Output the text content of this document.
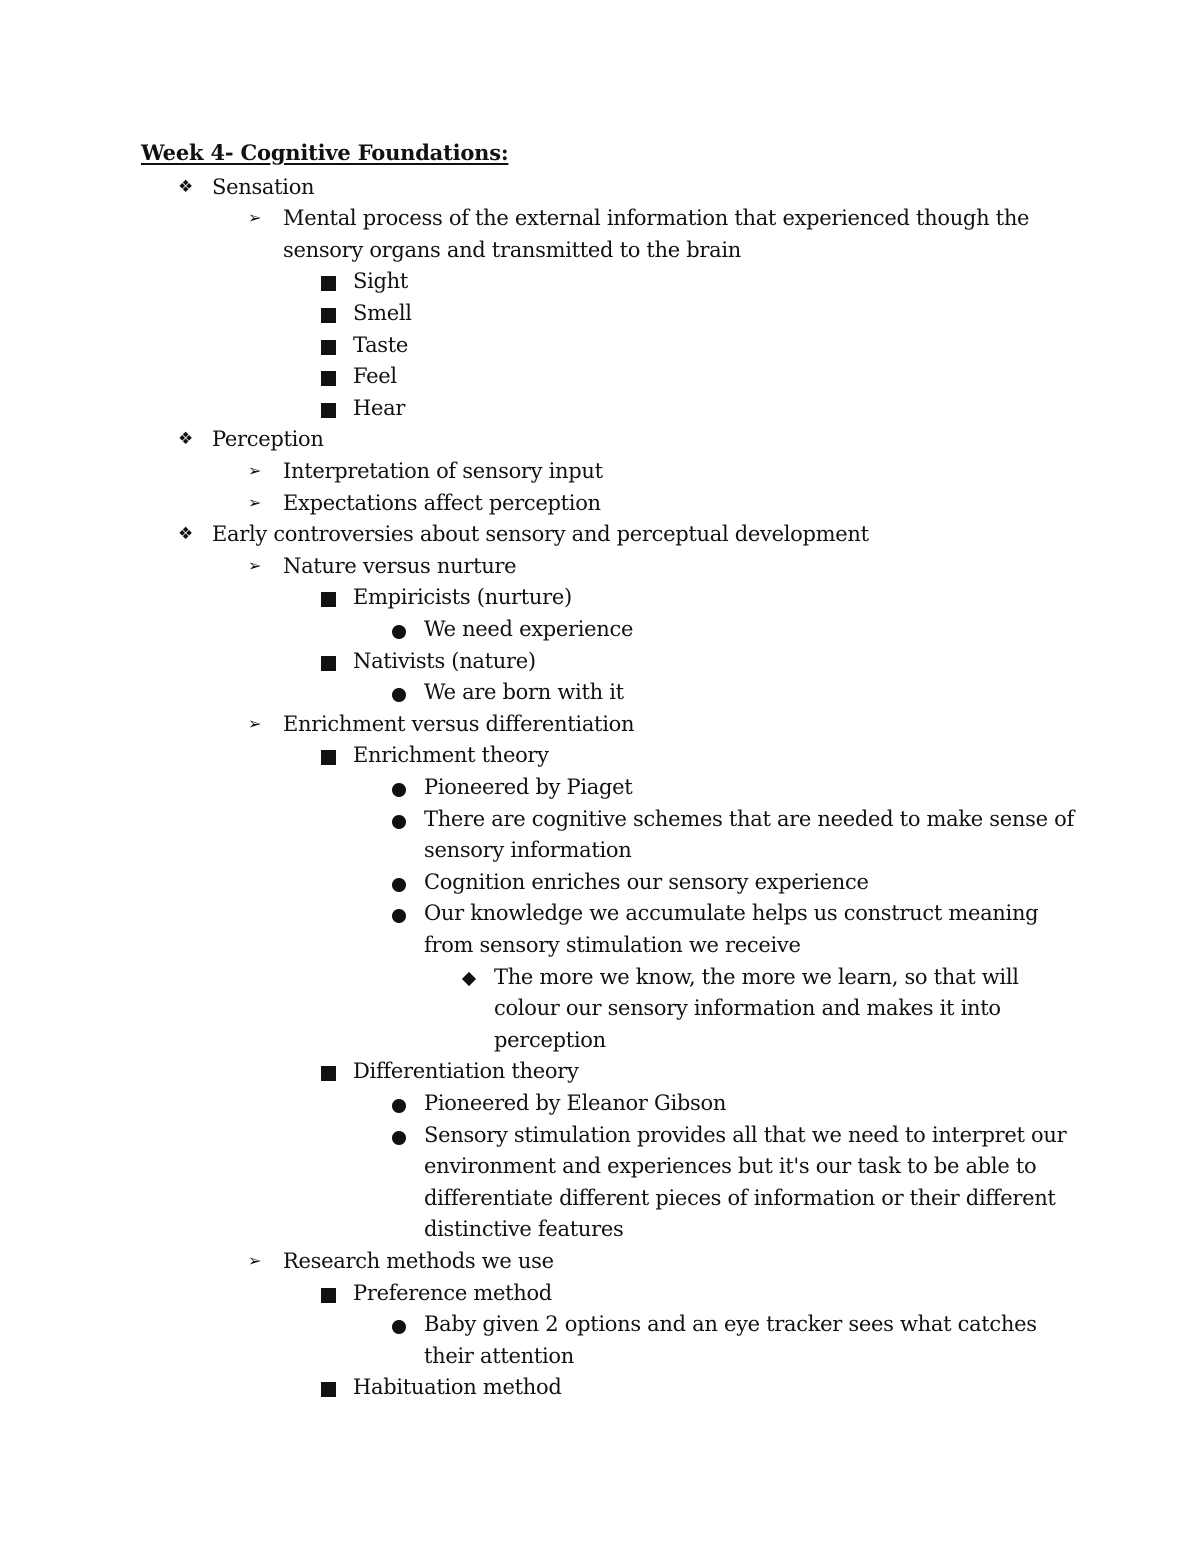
Week 4- Cognitive Foundations:
❖ Sensation
➢ Mental process of the external information that experienced though the
sensory organs and transmitted to the brain
Sight
Smell
Taste
Feel
Hear
❖ Perception
➢ Interpretation of sensory input
➢ Expectations affect perception
❖ Early controversies about sensory and perceptual development
➢ Nature versus nurture
Empiricists (nurture)
We need experience
Nativists (nature)
We are born with it
➢ Enrichment versus differentiation
Enrichment theory
Pioneered by Piaget
There are cognitive schemes that are needed to make sense of
sensory information
Cognition enriches our sensory experience
Our knowledge we accumulate helps us construct meaning
from sensory stimulation we receive
The more we know, the more we learn, so that will
colour our sensory information and makes it into
perception
Differentiation theory
Pioneered by Eleanor Gibson
Sensory stimulation provides all that we need to interpret our
environment and experiences but it's our task to be able to
differentiate different pieces of information or their different
distinctive features
➢ Research methods we use
Preference method
Baby given 2 options and an eye tracker sees what catches
their attention
Habituation method
